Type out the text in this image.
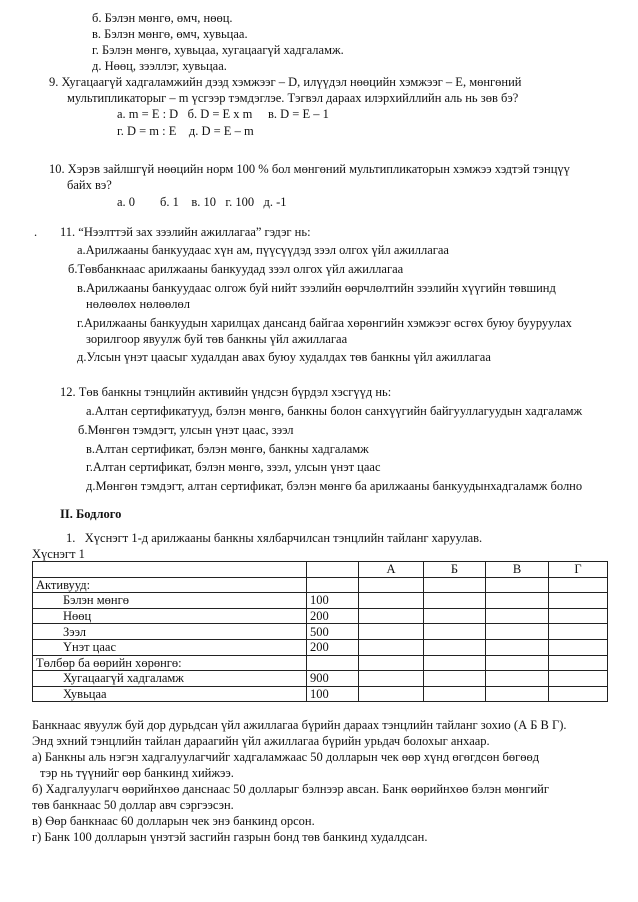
б. Бэлэн мөнгө, өмч, нөөц.
в. Бэлэн мөнгө, өмч, хувьцаа.
г. Бэлэн мөнгө, хувьцаа, хугацаагүй хадгаламж.
д. Нөөц, зээллэг, хувьцаа.
9. Хугацаагүй хадгаламжийн дээд хэмжээг – D, илүүдэл нөөцийн хэмжээг – E, мөнгөний
мультипликаторыг – m үсгээр тэмдэглэе. Тэгвэл дараах илэрхийллийн аль нь зөв бэ?
а. m = E : D   б. D = E x m     в. D = E – 1
г. D = m : E    д. D = E – m
10. Хэрэв зайлшгүй нөөцийн норм 100 % бол мөнгөний мультипликаторын хэмжээ хэдтэй тэнцүү
байх вэ?
а. 0        б. 1    в. 10   г. 100   д. -1
. 11. “Нээлттэй зах зээлийн ажиллагаа” гэдэг нь:
а.Арилжааны банкуудаас хүн ам, пүүсүүдэд зээл олгох үйл ажиллагаа
б.Төвбанкнаас арилжааны банкуудад зээл олгох үйл ажиллагаа
в.Арилжааны банкуудаас олгож буй нийт зээлийн өөрчлөлтийн зээлийн хүүгийн төвшинд
нөлөөлөх нөлөөлөл
г.Арилжааны банкуудын харилцах дансанд байгаа хөрөнгийн хэмжээг өсгөх буюу бууруулах
зорилгоор явуулж буй төв банкны үйл ажиллагаа
д.Улсын үнэт цаасыг худалдан авах буюу худалдах төв банкны үйл ажиллагаа
12. Төв банкны тэнцлийн активийн үндсэн бүрдэл хэсгүүд нь:
а.Алтан сертификатууд, бэлэн мөнгө, банкны болон санхүүгийн байгууллагуудын хадгаламж
б.Мөнгөн тэмдэгт, улсын үнэт цаас, зээл
в.Алтан сертификат, бэлэн мөнгө, банкны хадгаламж
г.Алтан сертификат, бэлэн мөнгө, зээл, улсын үнэт цаас
д.Мөнгөн тэмдэгт, алтан сертификат, бэлэн мөнгө ба арилжааны банкуудынхадгаламж болно
II. Бодлого
1.   Хүснэгт 1-д арилжааны банкны хялбарчилсан тэнцлийн тайланг харуулав.
Хүснэгт 1
		А	Б	В	Г
Активууд:					
Бэлэн мөнгө	100				
Нөөц	200				
Зээл	500				
Үнэт цаас	200				
Төлбөр ба өөрийн хөрөнгө:					
Хугацаагүй хадгаламж	900				
Хувьцаа	100				
Банкнаас явуулж буй дор дурьдсан үйл ажиллагаа бүрийн дараах тэнцлийн тайланг зохио (А Б В Г).
Энд эхний тэнцлийн тайлан дараагийн үйл ажиллагаа бүрийн урьдач болохыг анхаар.
а) Банкны аль нэгэн хадгалуулагчийг хадгаламжаас 50 долларын чек өөр хүнд өгөгдсөн бөгөөд
тэр нь түүнийг өөр банкинд хийжээ.
б) Хадгалуулагч өөрийнхөө данснаас 50 долларыг бэлнээр авсан. Банк өөрийнхөө бэлэн мөнгийг
төв банкнаас 50 доллар авч сэргээсэн.
в) Өөр банкнаас 60 долларын чек энэ банкинд орсон.
г) Банк 100 долларын үнэтэй засгийн газрын бонд төв банкинд худалдсан.
